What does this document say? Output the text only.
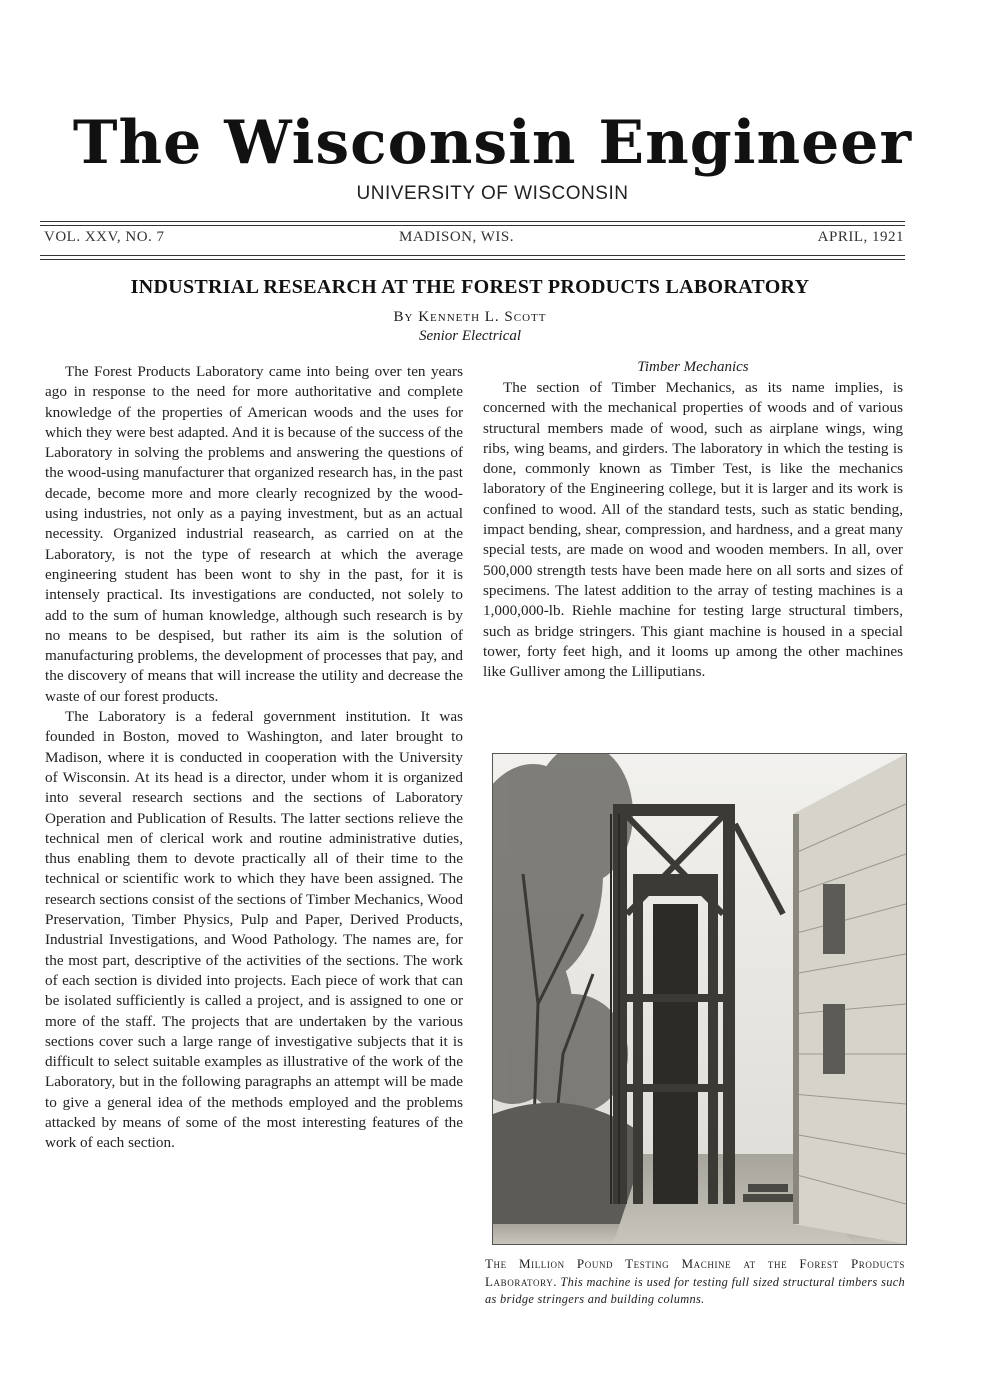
The Wisconsin Engineer
UNIVERSITY OF WISCONSIN
VOL. XXV, NO. 7	MADISON, WIS.	APRIL, 1921
INDUSTRIAL RESEARCH AT THE FOREST PRODUCTS LABORATORY
By Kenneth L. Scott
Senior Electrical

The Forest Products Laboratory came into being over ten years ago in response to the need for more authoritative and complete knowledge of the properties of American woods and the uses for which they were best adapted. And it is because of the success of the Laboratory in solving the problems and answering the questions of the wood-using manufacturer that organized research has, in the past decade, become more and more clearly recognized by the wood-using industries, not only as a paying investment, but as an actual necessity. Organized industrial reasearch, as carried on at the Laboratory, is not the type of research at which the average engineering student has been wont to shy in the past, for it is intensely practical. Its investigations are conducted, not solely to add to the sum of human knowledge, although such research is by no means to be despised, but rather its aim is the solution of manufacturing problems, the development of processes that pay, and the discovery of means that will increase the utility and decrease the waste of our forest products.

The Laboratory is a federal government institution. It was founded in Boston, moved to Washington, and later brought to Madison, where it is conducted in cooperation with the University of Wisconsin. At its head is a director, under whom it is organized into several research sections and the sections of Laboratory Operation and Publication of Results. The latter sections relieve the technical men of clerical work and routine administrative duties, thus enabling them to devote practically all of their time to the technical or scientific work to which they have been assigned. The research sections consist of the sections of Timber Mechanics, Wood Preservation, Timber Physics, Pulp and Paper, Derived Products, Industrial Investigations, and Wood Pathology. The names are, for the most part, descriptive of the activities of the sections. The work of each section is divided into projects. Each piece of work that can be isolated sufficiently is called a project, and is assigned to one or more of the staff. The projects that are undertaken by the various sections cover such a large range of investigative subjects that it is difficult to select suitable examples as illustrative of the work of the Laboratory, but in the following paragraphs an attempt will be made to give a general idea of the methods employed and the problems attacked by means of some of the most interesting features of the work of each section.

Timber Mechanics

The section of Timber Mechanics, as its name implies, is concerned with the mechanical properties of woods and of various structural members made of wood, such as airplane wings, wing ribs, wing beams, and girders. The laboratory in which the testing is done, commonly known as Timber Test, is like the mechanics laboratory of the Engineering college, but it is larger and its work is confined to wood. All of the standard tests, such as static bending, impact bending, shear, compression, and hardness, and a great many special tests, are made on wood and wooden members. In all, over 500,000 strength tests have been made here on all sorts and sizes of specimens. The latest addition to the array of testing machines is a 1,000,000-lb. Riehle machine for testing large structural timbers, such as bridge stringers. This giant machine is housed in a special tower, forty feet high, and it looms up among the other machines like Gulliver among the Lilliputians.

The Million Pound Testing Machine at the Forest Products Laboratory. This machine is used for testing full sized structural timbers such as bridge stringers and building columns.
